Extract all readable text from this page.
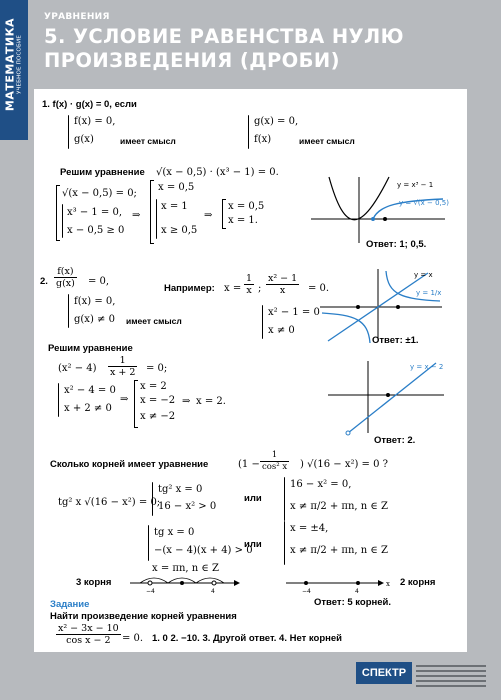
МАТЕМАТИКА УЧЕБНОЕ ПОСОБИЕ
УРАВНЕНИЯ
5. УСЛОВИЕ РАВЕНСТВА НУЛЮ
ПРОИЗВЕДЕНИЯ (ДРОБИ)
1. f(x) · g(x) = 0, если
f(x) = 0,
g(x)	имеет смысл
g(x) = 0,
f(x)	имеет смысл
Решим уравнение √(x − 0,5) · (x³ − 1) = 0.
√(x − 0,5) = 0;
x³ − 1 = 0,
x − 0,5 ≥ 0
⇒
x = 0,5
x = 1
x ≥ 0,5
⇒
x = 0,5
x = 1.
y = x³ − 1
y = √(x − 0,5)
Ответ: 1; 0,5.
2. $\frac{f(x)}{g(x)} = 0$,
f(x) = 0,
g(x) ≠ 0 имеет смысл
Например: $x = \frac{1}{x}$ ; $\frac{\text{x² − 1}}{x} = 0$.
x² − 1 = 0
x ≠ 0
y = x
y = 1/x
Ответ: ±1.
Решим уравнение
$(x^2 - 4) \frac{1}{x + 2} = 0$;
x² − 4 = 0
x + 2 ≠ 0
⇒
x = 2
x = −2
x ≠ −2
⇒ x = 2.
y = x − 2
Ответ: 2.
Сколько корней имеет уравнение	($1 - \frac{1}{\text{cos² x}}$ ) √(16 − x²) = 0 ?
tg² x √(16 − x²) = 0;
tg² x = 0
16 − x² > 0
или
16 − x² = 0,
x ≠ π/2 + πn, n ∈ Z
tg x = 0
−(x − 4)(x + 4) > 0
или
x = ±4,
x ≠ π/2 + πn, n ∈ Z
x = πn, n ∈ Z
3 корня
−4	4	−4	4
x 2 корня
Ответ: 5 корней.
Задание
Найти произведение корней уравнения
$\frac{\text{x² − 3x − 10}}{\text{cos x − 2}} = 0$. 1. 0 2. −10. 3. Другой ответ. 4. Нет корней
СПЕКТР
